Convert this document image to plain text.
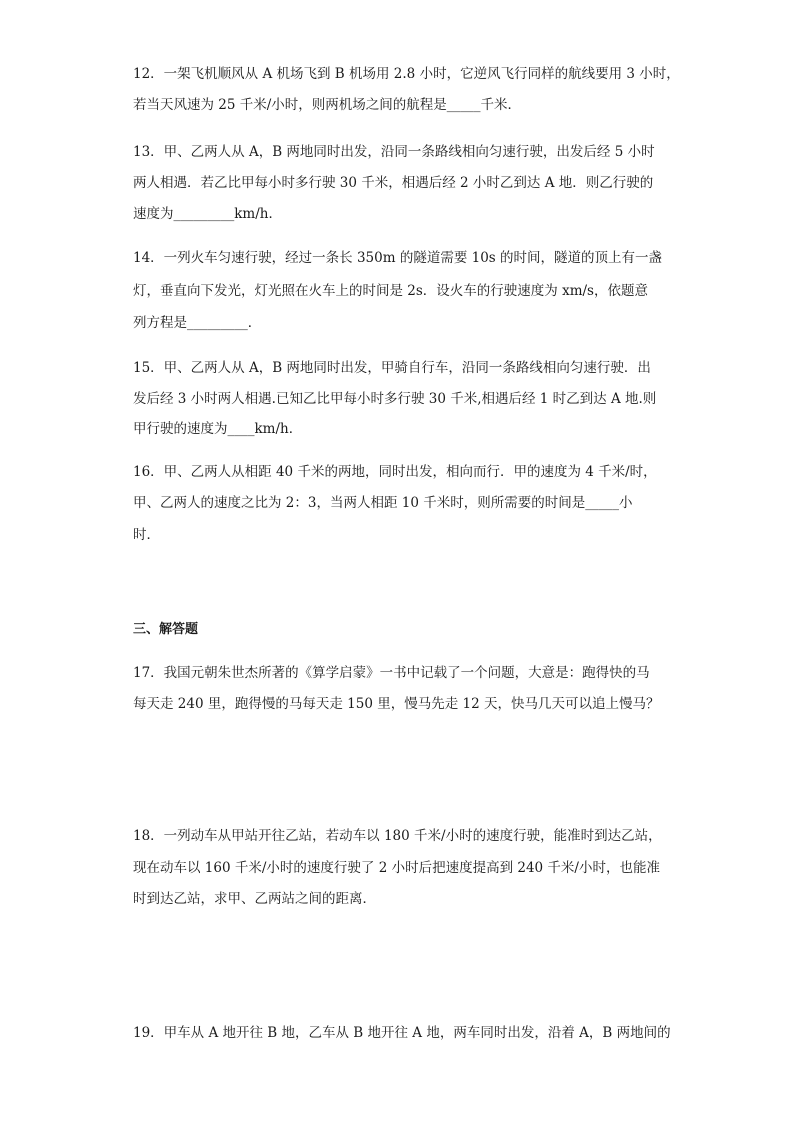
12．一架飞机顺风从 A 机场飞到 B 机场用 2.8 小时，它逆风飞行同样的航线要用 3 小时，
若当天风速为 25 千米/小时，则两机场之间的航程是_____千米．
13．甲、乙两人从 A，B 两地同时出发，沿同一条路线相向匀速行驶，出发后经 5 小时
两人相遇．若乙比甲每小时多行驶 30 千米，相遇后经 2 小时乙到达 A 地．则乙行驶的
速度为_________km/h．
14．一列火车匀速行驶，经过一条长 350m 的隧道需要 10s 的时间，隧道的顶上有一盏
灯，垂直向下发光，灯光照在火车上的时间是 2s．设火车的行驶速度为 xm/s，依题意
列方程是_________．
15．甲、乙两人从 A，B 两地同时出发，甲骑自行车，沿同一条路线相向匀速行驶．出
发后经 3 小时两人相遇.已知乙比甲每小时多行驶 30 千米,相遇后经 1 时乙到达 A 地.则
甲行驶的速度为____km/h．
16．甲、乙两人从相距 40 千米的两地，同时出发，相向而行．甲的速度为 4 千米/时，
甲、乙两人的速度之比为 2：3，当两人相距 10 千米时，则所需要的时间是_____小
时．
三、解答题
17．我国元朝朱世杰所著的《算学启蒙》一书中记载了一个问题，大意是：跑得快的马
每天走 240 里，跑得慢的马每天走 150 里，慢马先走 12 天，快马几天可以追上慢马？
18．一列动车从甲站开往乙站，若动车以 180 千米/小时的速度行驶，能准时到达乙站，
现在动车以 160 千米/小时的速度行驶了 2 小时后把速度提高到 240 千米/小时，也能准
时到达乙站，求甲、乙两站之间的距离．
19．甲车从 A 地开往 B 地，乙车从 B 地开往 A 地，两车同时出发，沿着 A，B 两地间的
